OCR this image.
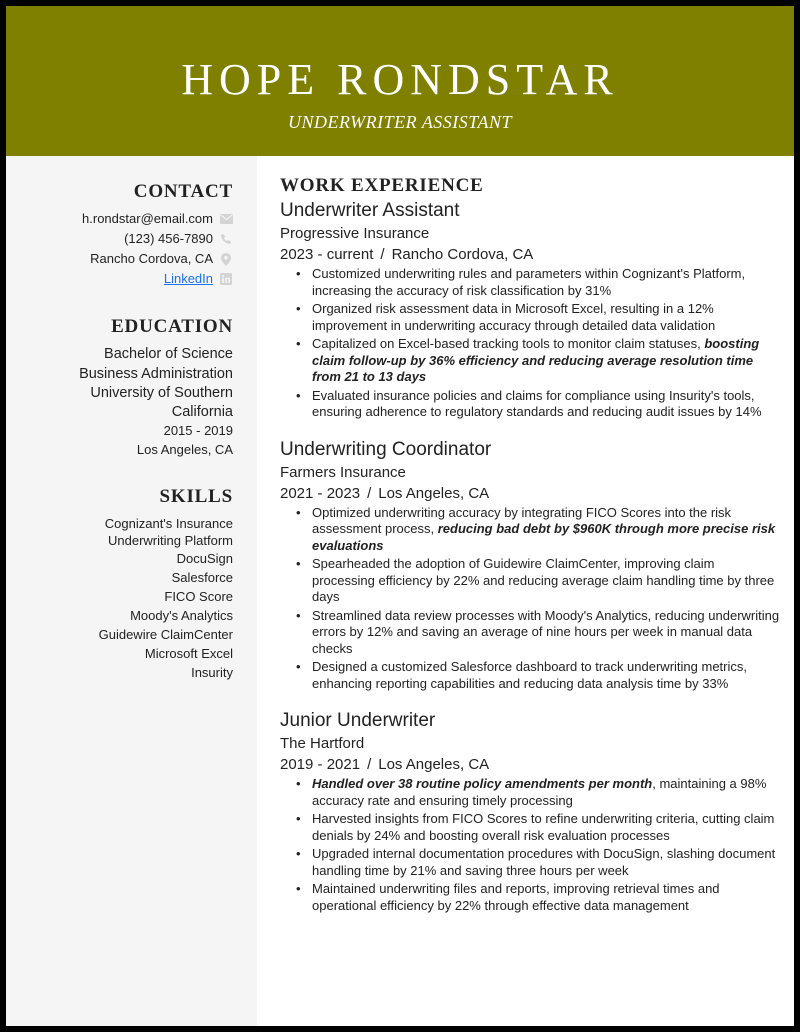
HOPE RONDSTAR
UNDERWRITER ASSISTANT
CONTACT
h.rondstar@email.com
(123) 456-7890
Rancho Cordova, CA
LinkedIn
EDUCATION
Bachelor of Science
Business Administration
University of Southern
California
2015 - 2019
Los Angeles, CA
SKILLS
Cognizant's Insurance
Underwriting Platform
DocuSign
Salesforce
FICO Score
Moody's Analytics
Guidewire ClaimCenter
Microsoft Excel
Insurity
WORK EXPERIENCE
Underwriter Assistant
Progressive Insurance
2023 - current / Rancho Cordova, CA
• Customized underwriting rules and parameters within Cognizant's Platform, increasing the accuracy of risk classification by 31%
• Organized risk assessment data in Microsoft Excel, resulting in a 12% improvement in underwriting accuracy through detailed data validation
• Capitalized on Excel-based tracking tools to monitor claim statuses, boosting claim follow-up by 36% efficiency and reducing average resolution time from 21 to 13 days
• Evaluated insurance policies and claims for compliance using Insurity's tools, ensuring adherence to regulatory standards and reducing audit issues by 14%
Underwriting Coordinator
Farmers Insurance
2021 - 2023 / Los Angeles, CA
• Optimized underwriting accuracy by integrating FICO Scores into the risk assessment process, reducing bad debt by $960K through more precise risk evaluations
• Spearheaded the adoption of Guidewire ClaimCenter, improving claim processing efficiency by 22% and reducing average claim handling time by three days
• Streamlined data review processes with Moody's Analytics, reducing underwriting errors by 12% and saving an average of nine hours per week in manual data checks
• Designed a customized Salesforce dashboard to track underwriting metrics, enhancing reporting capabilities and reducing data analysis time by 33%
Junior Underwriter
The Hartford
2019 - 2021 / Los Angeles, CA
• Handled over 38 routine policy amendments per month, maintaining a 98% accuracy rate and ensuring timely processing
• Harvested insights from FICO Scores to refine underwriting criteria, cutting claim denials by 24% and boosting overall risk evaluation processes
• Upgraded internal documentation procedures with DocuSign, slashing document handling time by 21% and saving three hours per week
• Maintained underwriting files and reports, improving retrieval times and operational efficiency by 22% through effective data management
